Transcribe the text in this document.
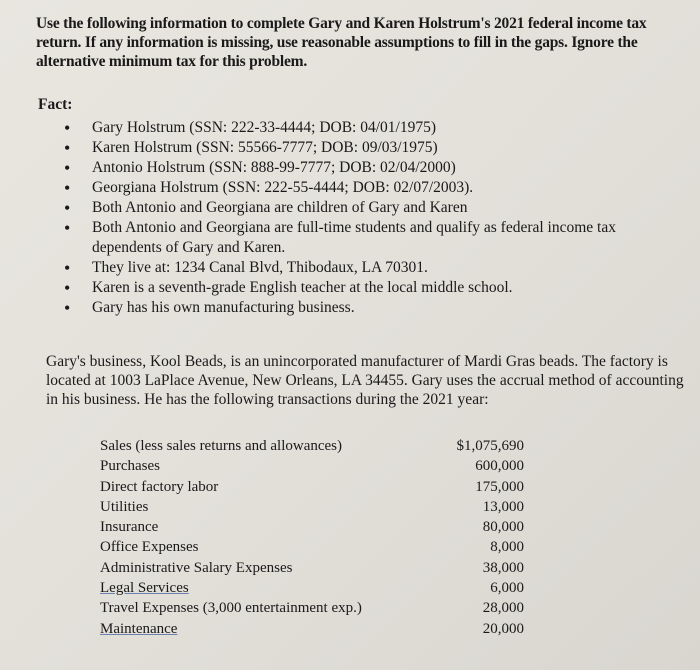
Use the following information to complete Gary and Karen Holstrum's 2021 federal income tax return. If any information is missing, use reasonable assumptions to fill in the gaps. Ignore the alternative minimum tax for this problem.
Fact:
• Gary Holstrum (SSN: 222-33-4444; DOB: 04/01/1975)
• Karen Holstrum (SSN: 55566-7777; DOB: 09/03/1975)
• Antonio Holstrum (SSN: 888-99-7777; DOB: 02/04/2000)
• Georgiana Holstrum (SSN: 222-55-4444; DOB: 02/07/2003).
• Both Antonio and Georgiana are children of Gary and Karen
• Both Antonio and Georgiana are full-time students and qualify as federal income tax dependents of Gary and Karen.
• They live at: 1234 Canal Blvd, Thibodaux, LA 70301.
• Karen is a seventh-grade English teacher at the local middle school.
• Gary has his own manufacturing business.
Gary's business, Kool Beads, is an unincorporated manufacturer of Mardi Gras beads. The factory is located at 1003 LaPlace Avenue, New Orleans, LA 34455. Gary uses the accrual method of accounting in his business. He has the following transactions during the 2021 year:
Sales (less sales returns and allowances)	$1,075,690
Purchases	600,000
Direct factory labor	175,000
Utilities	13,000
Insurance	80,000
Office Expenses	8,000
Administrative Salary Expenses	38,000
Legal Services	6,000
Travel Expenses (3,000 entertainment exp.)	28,000
Maintenance	20,000
